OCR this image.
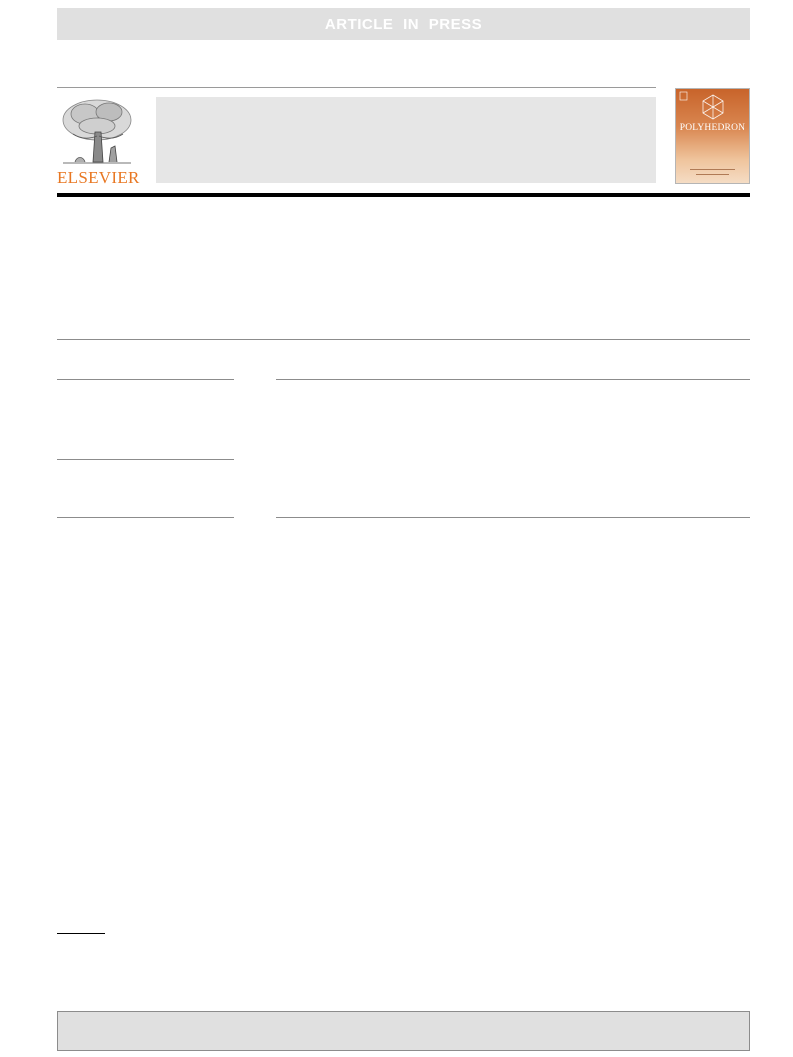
ARTICLE IN PRESS
ELSEVIER
POLYHEDRON
